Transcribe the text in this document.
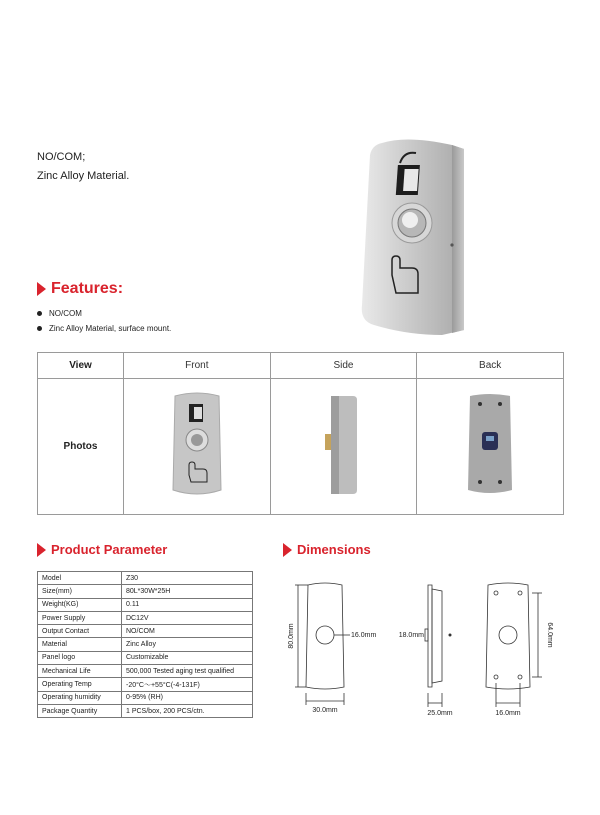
NO/COM;
Zinc Alloy Material.
Features:
NO/COM
Zinc Alloy Material, surface mount.
View	Front	Side	Back
Photos			
Product Parameter
Model	Z30
Size(mm)	80L*30W*25H
Weight(KG)	0.11
Power Supply	DC12V
Output Contact	NO/COM
Material	Zinc Alloy
Panel logo	Customizable
Mechanical Life	500,000 Tested aging test qualified
Operating Temp	-20°C～+55°C(-4-131F)
Operating humidity	0-95% (RH)
Package Quantity	1 PCS/box, 200 PCS/ctn.
Dimensions
80.0mm	16.0mm	18.0mm
30.0mm	25.0mm
64.0mm
16.0mm
